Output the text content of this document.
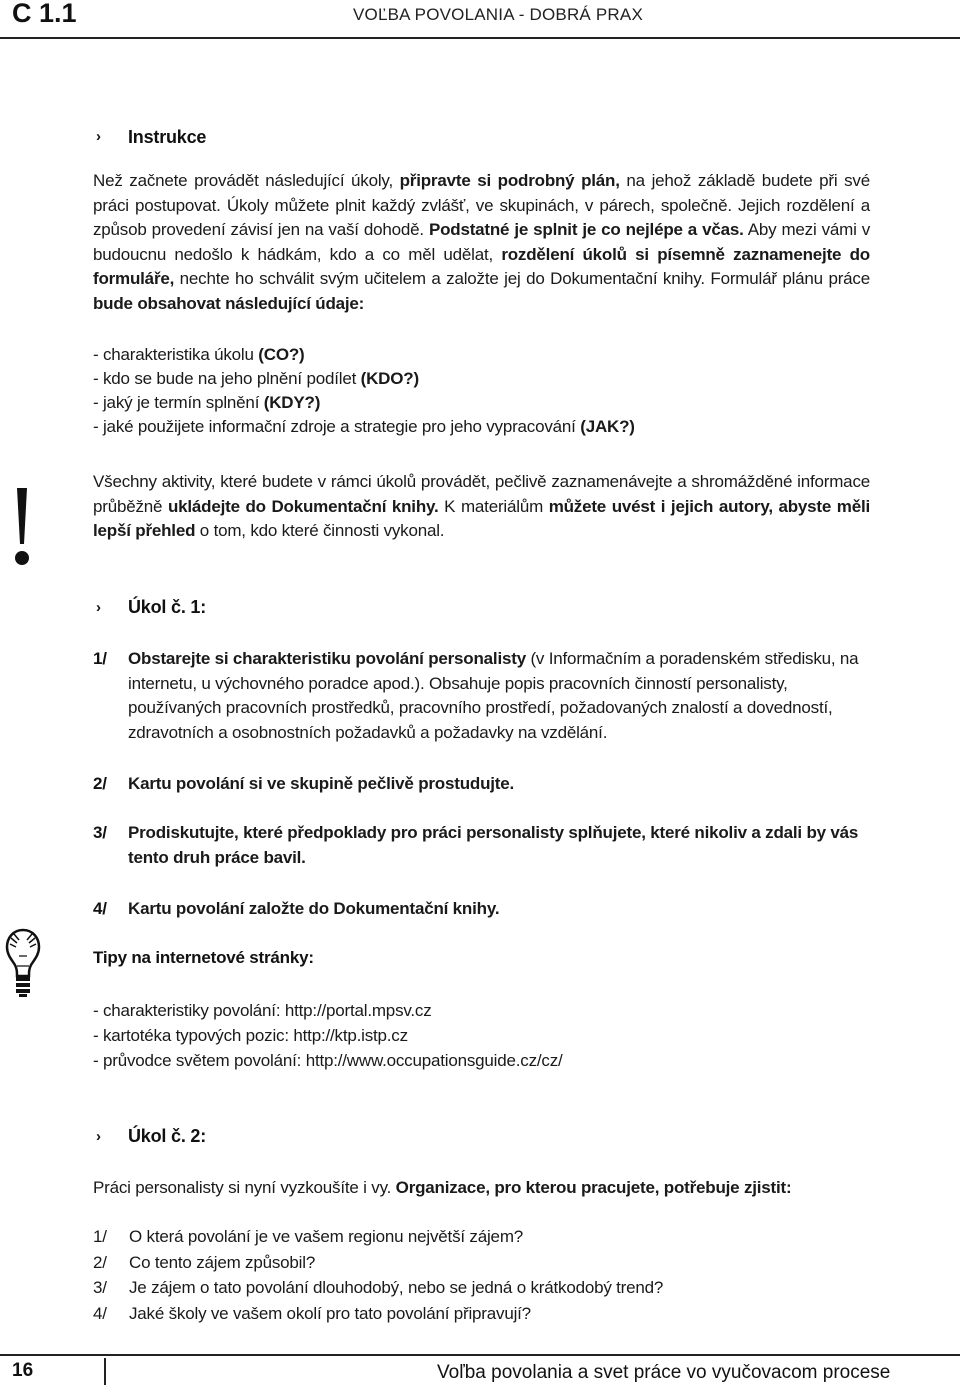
C 1.1	VOĽBA POVOLANIA - DOBRÁ PRAX
› Instrukce
Než začnete provádět následující úkoly, připravte si podrobný plán, na jehož základě budete při své práci postupovat. Úkoly můžete plnit každý zvlášť, ve skupinách, v párech, společně. Jejich rozdělení a způsob provedení závisí jen na vaší dohodě. Podstatné je splnit je co nejlépe a včas. Aby mezi vámi v budoucnu nedošlo k hádkám, kdo a co měl udělat, rozdělení úkolů si písemně zaznamenejte do formuláře, nechte ho schválit svým učitelem a založte jej do Dokumentační knihy. Formulář plánu práce bude obsahovat následující údaje:
- charakteristika úkolu (CO?)
- kdo se bude na jeho plnění podílet (KDO?)
- jaký je termín splnění (KDY?)
- jaké použijete informační zdroje a strategie pro jeho vypracování (JAK?)
Všechny aktivity, které budete v rámci úkolů provádět, pečlivě zaznamenávejte a shromážděné informace průběžně ukládejte do Dokumentační knihy. K materiálům můžete uvést i jejich autory, abyste měli lepší přehled o tom, kdo které činnosti vykonal.
› Úkol č. 1:
1/ Obstarejte si charakteristiku povolání personalisty (v Informačním a poradenském středisku, na internetu, u výchovného poradce apod.). Obsahuje popis pracovních činností personalisty, používaných pracovních prostředků, pracovního prostředí, požadovaných znalostí a dovedností, zdravotních a osobnostních požadavků a požadavky na vzdělání.
2/ Kartu povolání si ve skupině pečlivě prostudujte.
3/ Prodiskutujte, které předpoklady pro práci personalisty splňujete, které nikoliv a zdali by vás tento druh práce bavil.
4/ Kartu povolání založte do Dokumentační knihy.
Tipy na internetové stránky:
- charakteristiky povolání: http://portal.mpsv.cz
- kartotéka typových pozic: http://ktp.istp.cz
- průvodce světem povolání: http://www.occupationsguide.cz/cz/
› Úkol č. 2:
Práci personalisty si nyní vyzkoušíte i vy. Organizace, pro kterou pracujete, potřebuje zjistit:
1/ O která povolání je ve vašem regionu největší zájem?
2/ Co tento zájem způsobil?
3/ Je zájem o tato povolání dlouhodobý, nebo se jedná o krátkodobý trend?
4/ Jaké školy ve vašem okolí pro tato povolání připravují?
16	Voľba povolania a svet práce vo vyučovacom procese
